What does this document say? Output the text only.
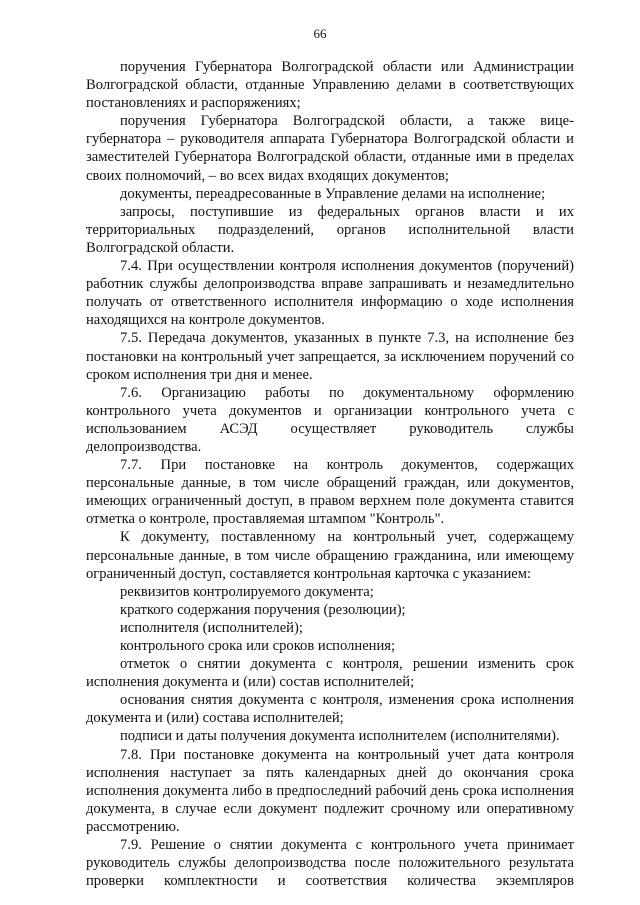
66

поручения Губернатора Волгоградской области или Администрации Волгоградской области, отданные Управлению делами в соответствующих постановлениях и распоряжениях;

поручения Губернатора Волгоградской области, а также вице-губернатора – руководителя аппарата Губернатора Волгоградской области и заместителей Губернатора Волгоградской области, отданные ими в пределах своих полномочий, – во всех видах входящих документов;

документы, переадресованные в Управление делами на исполнение;

запросы, поступившие из федеральных органов власти и их территориальных подразделений, органов исполнительной власти Волгоградской области.

7.4. При осуществлении контроля исполнения документов (поручений) работник службы делопроизводства вправе запрашивать и незамедлительно получать от ответственного исполнителя информацию о ходе исполнения находящихся на контроле документов.

7.5. Передача документов, указанных в пункте 7.3, на исполнение без постановки на контрольный учет запрещается, за исключением поручений со сроком исполнения три дня и менее.

7.6. Организацию работы по документальному оформлению контрольного учета документов и организации контрольного учета с использованием АСЭД осуществляет руководитель службы делопроизводства.

7.7. При постановке на контроль документов, содержащих персональные данные, в том числе обращений граждан, или документов, имеющих ограниченный доступ, в правом верхнем поле документа ставится отметка о контроле, проставляемая штампом "Контроль".

К документу, поставленному на контрольный учет, содержащему персональные данные, в том числе обращению гражданина, или имеющему ограниченный доступ, составляется контрольная карточка с указанием:

реквизитов контролируемого документа;

краткого содержания поручения (резолюции);

исполнителя (исполнителей);

контрольного срока или сроков исполнения;

отметок о снятии документа с контроля, решении изменить срок исполнения документа и (или) состав исполнителей;

основания снятия документа с контроля, изменения срока исполнения документа и (или) состава исполнителей;

подписи и даты получения документа исполнителем (исполнителями).

7.8. При постановке документа на контрольный учет дата контроля исполнения наступает за пять календарных дней до окончания срока исполнения документа либо в предпоследний рабочий день срока исполнения документа, в случае если документ подлежит срочному или оперативному рассмотрению.

7.9. Решение о снятии документа с контрольного учета принимает руководитель службы делопроизводства после положительного результата проверки комплектности и соответствия количества экземпляров
